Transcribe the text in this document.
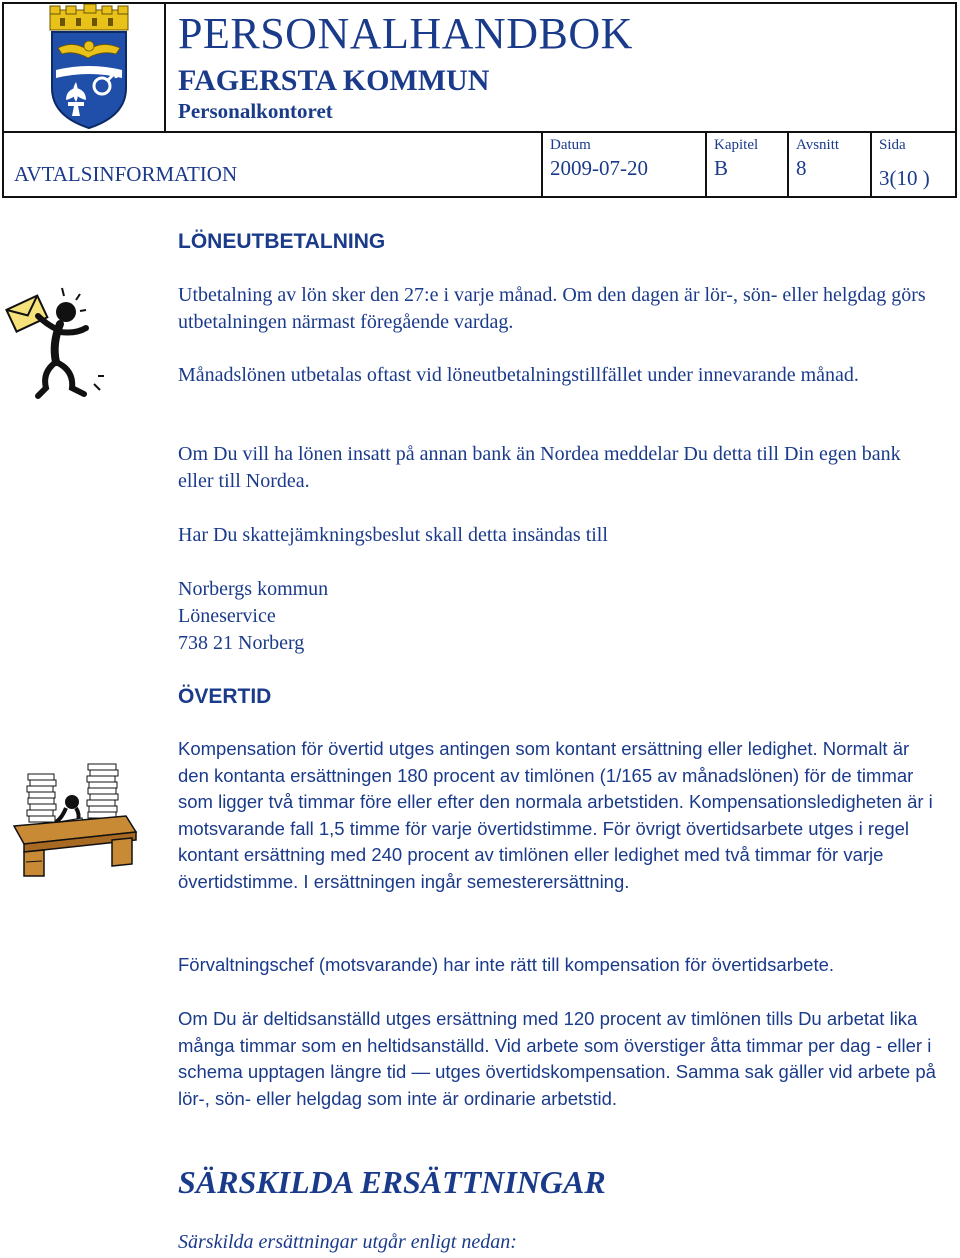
PERSONALHANDBOK
FAGERSTA KOMMUN
Personalkontoret
AVTALSINFORMATION
Datum
2009-07-20
Kapitel
B
Avsnitt
8
Sida
3(10 )
LÖNEUTBETALNING

Utbetalning av lön sker den 27:e i varje månad. Om den dagen är lör-, sön- eller helgdag görs utbetalningen närmast föregående vardag.

Månadslönen utbetalas oftast vid löneutbetalningstillfället under innevarande månad.

Om Du vill ha lönen insatt på annan bank än Nordea meddelar Du detta till Din egen bank eller till Nordea.

Har Du skattejämkningsbeslut skall detta insändas till

Norbergs kommun

Löneservice

738 21 Norberg

ÖVERTID

Kompensation för övertid utges antingen som kontant ersättning eller ledighet. Normalt är den kontanta ersättningen 180 procent av timlönen (1/165 av månadslönen) för de timmar som ligger två timmar före eller efter den normala arbetstiden. Kompensationsledigheten är i motsvarande fall 1,5 timme för varje övertidstimme. För övrigt övertidsarbete utges i regel kontant ersättning med 240 procent av timlönen eller ledighet med två timmar för varje övertidstimme. I ersättningen ingår semesterersättning.

Förvaltningschef (motsvarande) har inte rätt till kompensation för övertidsarbete.

Om Du är deltidsanställd utges ersättning med 120 procent av timlönen tills Du arbetat lika många timmar som en heltidsanställd. Vid arbete som överstiger åtta timmar per dag - eller i schema upptagen längre tid — utges övertidskompensation. Samma sak gäller vid arbete på lör-, sön- eller helgdag som inte är ordinarie arbetstid.

SÄRSKILDA ERSÄTTNINGAR
Särskilda ersättningar utgår enligt nedan:
